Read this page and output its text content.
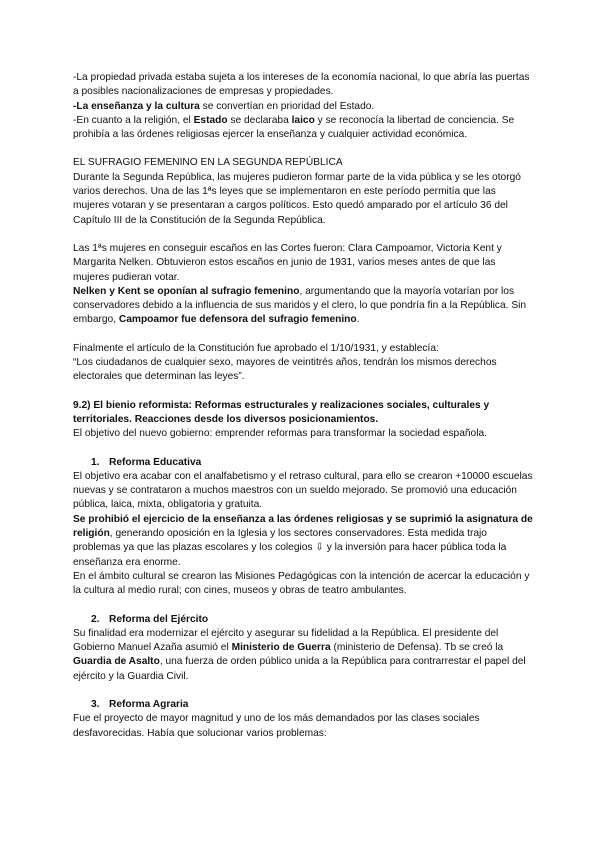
-La propiedad privada estaba sujeta a los intereses de la economía nacional, lo que abría las puertas a posibles nacionalizaciones de empresas y propiedades.

-La enseñanza y la cultura se convertían en prioridad del Estado.

-En cuanto a la religión, el Estado se declaraba laico y se reconocía la libertad de conciencia. Se prohibía a las órdenes religiosas ejercer la enseñanza y cualquier actividad económica.

EL SUFRAGIO FEMENINO EN LA SEGUNDA REPÚBLICA

Durante la Segunda República, las mujeres pudieron formar parte de la vida pública y se les otorgó varios derechos. Una de las 1ªs leyes que se implementaron en este período permitía que las mujeres votaran y se presentaran a cargos políticos. Esto quedó amparado por el artículo 36 del Capítulo III de la Constitución de la Segunda República.

Las 1ªs mujeres en conseguir escaños en las Cortes fueron: Clara Campoamor, Victoria Kent y Margarita Nelken. Obtuvieron estos escaños en junio de 1931, varios meses antes de que las mujeres pudieran votar.

Nelken y Kent se oponían al sufragio femenino, argumentando que la mayoría votarían por los conservadores debido a la influencia de sus maridos y el clero, lo que pondría fin a la República. Sin embargo, Campoamor fue defensora del sufragio femenino.

Finalmente el artículo de la Constitución fue aprobado el 1/10/1931, y establecía:

“Los ciudadanos de cualquier sexo, mayores de veintitrés años, tendrán los mismos derechos electorales que determinan las leyes”.

9.2) El bienio reformista: Reformas estructurales y realizaciones sociales, culturales y territoriales. Reacciones desde los diversos posicionamientos.

El objetivo del nuevo gobierno: emprender reformas para transformar la sociedad española.

1. Reforma Educativa

El objetivo era acabar con el analfabetismo y el retraso cultural, para ello se crearon +10000 escuelas nuevas y se contrataron a muchos maestros con un sueldo mejorado. Se promovió una educación pública, laica, mixta, obligatoria y gratuita.

Se prohibió el ejercicio de la enseñanza a las órdenes religiosas y se suprimió la asignatura de religión, generando oposición en la Iglesia y los sectores conservadores. Esta medida trajo problemas ya que las plazas escolares y los colegios ⇩ y la inversión para hacer pública toda la enseñanza era enorme.

En el ámbito cultural se crearon las Misiones Pedagógicas con la intención de acercar la educación y la cultura al medio rural; con cines, museos y obras de teatro ambulantes.

2. Reforma del Ejército

Su finalidad era modernizar el ejército y asegurar su fidelidad a la República. El presidente del Gobierno Manuel Azaña asumió el Ministerio de Guerra (ministerio de Defensa). Tb se creó la Guardia de Asalto, una fuerza de orden público unida a la República para contrarrestar el papel del ejército y la Guardia Civil.

3. Reforma Agraria

Fue el proyecto de mayor magnitud y uno de los más demandados por las clases sociales desfavorecidas. Había que solucionar varios problemas:
